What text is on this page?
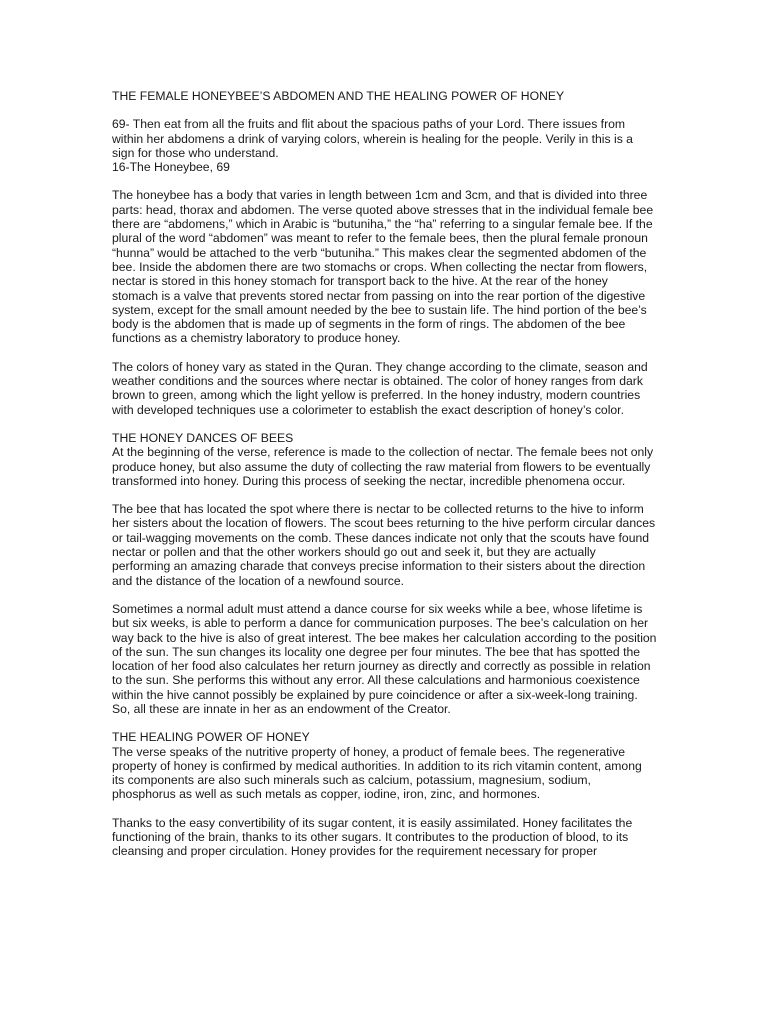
THE FEMALE HONEYBEE’S ABDOMEN AND THE HEALING POWER OF HONEY

69- Then eat from all the fruits and flit about the spacious paths of your Lord. There issues from within her abdomens a drink of varying colors, wherein is healing for the people. Verily in this is a sign for those who understand.

16-The Honeybee, 69

The honeybee has a body that varies in length between 1cm and 3cm, and that is divided into three parts: head, thorax and abdomen. The verse quoted above stresses that in the individual female bee there are “abdomens,” which in Arabic is “butuniha,” the “ha” referring to a singular female bee. If the plural of the word “abdomen” was meant to refer to the female bees, then the plural female pronoun “hunna” would be attached to the verb “butuniha.” This makes clear the segmented abdomen of the bee. Inside the abdomen there are two stomachs or crops. When collecting the nectar from flowers, nectar is stored in this honey stomach for transport back to the hive. At the rear of the honey stomach is a valve that prevents stored nectar from passing on into the rear portion of the digestive system, except for the small amount needed by the bee to sustain life. The hind portion of the bee’s body is the abdomen that is made up of segments in the form of rings. The abdomen of the bee functions as a chemistry laboratory to produce honey.

The colors of honey vary as stated in the Quran. They change according to the climate, season and weather conditions and the sources where nectar is obtained. The color of honey ranges from dark brown to green, among which the light yellow is preferred. In the honey industry, modern countries with developed techniques use a colorimeter to establish the exact description of honey’s color.

THE HONEY DANCES OF BEES

At the beginning of the verse, reference is made to the collection of nectar. The female bees not only produce honey, but also assume the duty of collecting the raw material from flowers to be eventually transformed into honey. During this process of seeking the nectar, incredible phenomena occur.

The bee that has located the spot where there is nectar to be collected returns to the hive to inform her sisters about the location of flowers. The scout bees returning to the hive perform circular dances or tail-wagging movements on the comb. These dances indicate not only that the scouts have found nectar or pollen and that the other workers should go out and seek it, but they are actually performing an amazing charade that conveys precise information to their sisters about the direction and the distance of the location of a newfound source.

Sometimes a normal adult must attend a dance course for six weeks while a bee, whose lifetime is but six weeks, is able to perform a dance for communication purposes. The bee’s calculation on her way back to the hive is also of great interest. The bee makes her calculation according to the position of the sun. The sun changes its locality one degree per four minutes. The bee that has spotted the location of her food also calculates her return journey as directly and correctly as possible in relation to the sun. She performs this without any error. All these calculations and harmonious coexistence within the hive cannot possibly be explained by pure coincidence or after a six-week-long training. So, all these are innate in her as an endowment of the Creator.

THE HEALING POWER OF HONEY

The verse speaks of the nutritive property of honey, a product of female bees. The regenerative property of honey is confirmed by medical authorities. In addition to its rich vitamin content, among its components are also such minerals such as calcium, potassium, magnesium, sodium, phosphorus as well as such metals as copper, iodine, iron, zinc, and hormones.

Thanks to the easy convertibility of its sugar content, it is easily assimilated. Honey facilitates the functioning of the brain, thanks to its other sugars. It contributes to the production of blood, to its cleansing and proper circulation. Honey provides for the requirement necessary for proper
